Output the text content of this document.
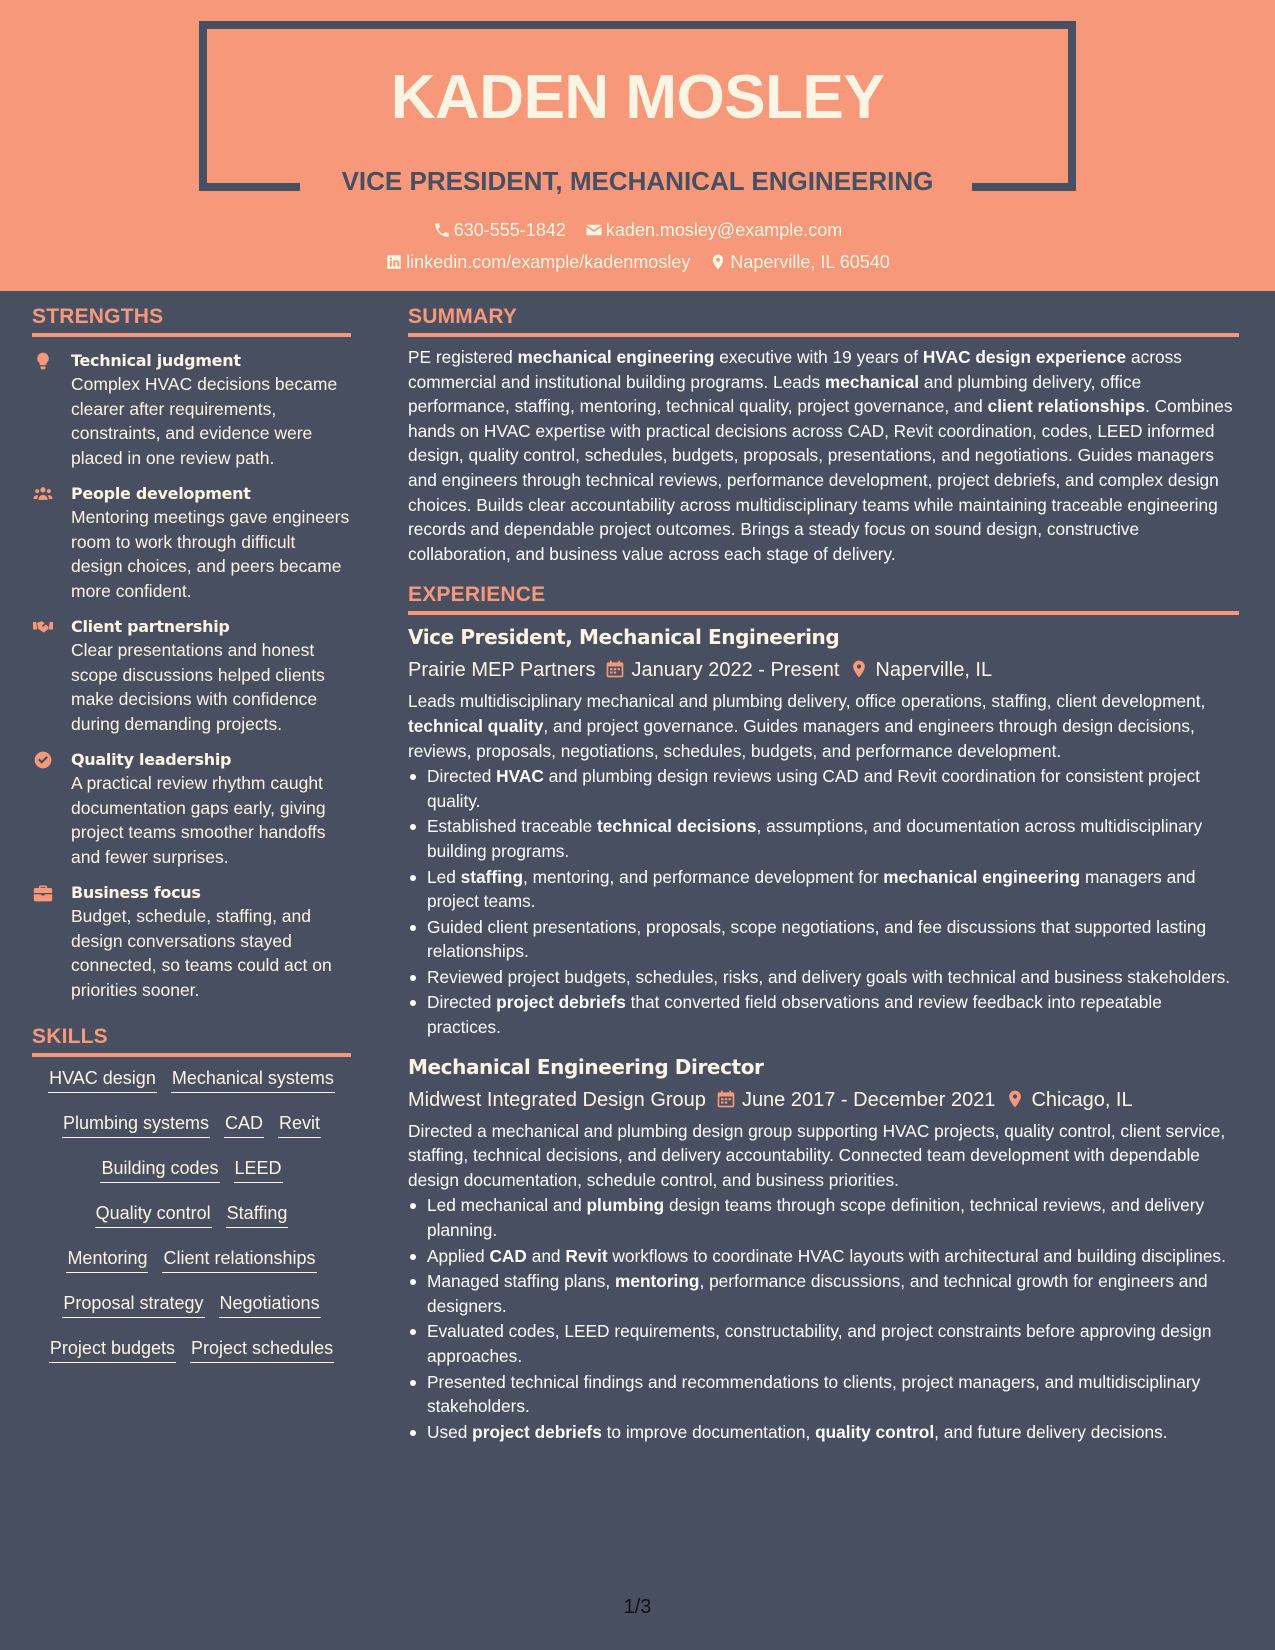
KADEN MOSLEY
VICE PRESIDENT, MECHANICAL ENGINEERING
630-555-1842 kaden.mosley@example.com
linkedin.com/example/kadenmosley Naperville, IL 60540
STRENGTHS
Technical judgment
Complex HVAC decisions became clearer after requirements, constraints, and evidence were placed in one review path.
People development
Mentoring meetings gave engineers room to work through difficult design choices, and peers became more confident.
Client partnership
Clear presentations and honest scope discussions helped clients make decisions with confidence during demanding projects.
Quality leadership
A practical review rhythm caught documentation gaps early, giving project teams smoother handoffs and fewer surprises.
Business focus
Budget, schedule, staffing, and design conversations stayed connected, so teams could act on priorities sooner.
SKILLS
HVAC design Mechanical systems
Plumbing systems CAD Revit
Building codes LEED
Quality control Staffing
Mentoring Client relationships
Proposal strategy Negotiations
Project budgets Project schedules
SUMMARY
PE registered mechanical engineering executive with 19 years of HVAC design experience across commercial and institutional building programs. Leads mechanical and plumbing delivery, office performance, staffing, mentoring, technical quality, project governance, and client relationships. Combines hands on HVAC expertise with practical decisions across CAD, Revit coordination, codes, LEED informed design, quality control, schedules, budgets, proposals, presentations, and negotiations. Guides managers and engineers through technical reviews, performance development, project debriefs, and complex design choices. Builds clear accountability across multidisciplinary teams while maintaining traceable engineering records and dependable project outcomes. Brings a steady focus on sound design, constructive collaboration, and business value across each stage of delivery.
EXPERIENCE
Vice President, Mechanical Engineering
Prairie MEP Partners January 2022 - Present Naperville, IL
Leads multidisciplinary mechanical and plumbing delivery, office operations, staffing, client development, technical quality, and project governance. Guides managers and engineers through design decisions, reviews, proposals, negotiations, schedules, budgets, and performance development.
Directed HVAC and plumbing design reviews using CAD and Revit coordination for consistent project quality.
Established traceable technical decisions, assumptions, and documentation across multidisciplinary building programs.
Led staffing, mentoring, and performance development for mechanical engineering managers and project teams.
Guided client presentations, proposals, scope negotiations, and fee discussions that supported lasting relationships.
Reviewed project budgets, schedules, risks, and delivery goals with technical and business stakeholders.
Directed project debriefs that converted field observations and review feedback into repeatable practices.
Mechanical Engineering Director
Midwest Integrated Design Group June 2017 - December 2021 Chicago, IL
Directed a mechanical and plumbing design group supporting HVAC projects, quality control, client service, staffing, technical decisions, and delivery accountability. Connected team development with dependable design documentation, schedule control, and business priorities.
Led mechanical and plumbing design teams through scope definition, technical reviews, and delivery planning.
Applied CAD and Revit workflows to coordinate HVAC layouts with architectural and building disciplines.
Managed staffing plans, mentoring, performance discussions, and technical growth for engineers and designers.
Evaluated codes, LEED requirements, constructability, and project constraints before approving design approaches.
Presented technical findings and recommendations to clients, project managers, and multidisciplinary stakeholders.
Used project debriefs to improve documentation, quality control, and future delivery decisions.
1/3
